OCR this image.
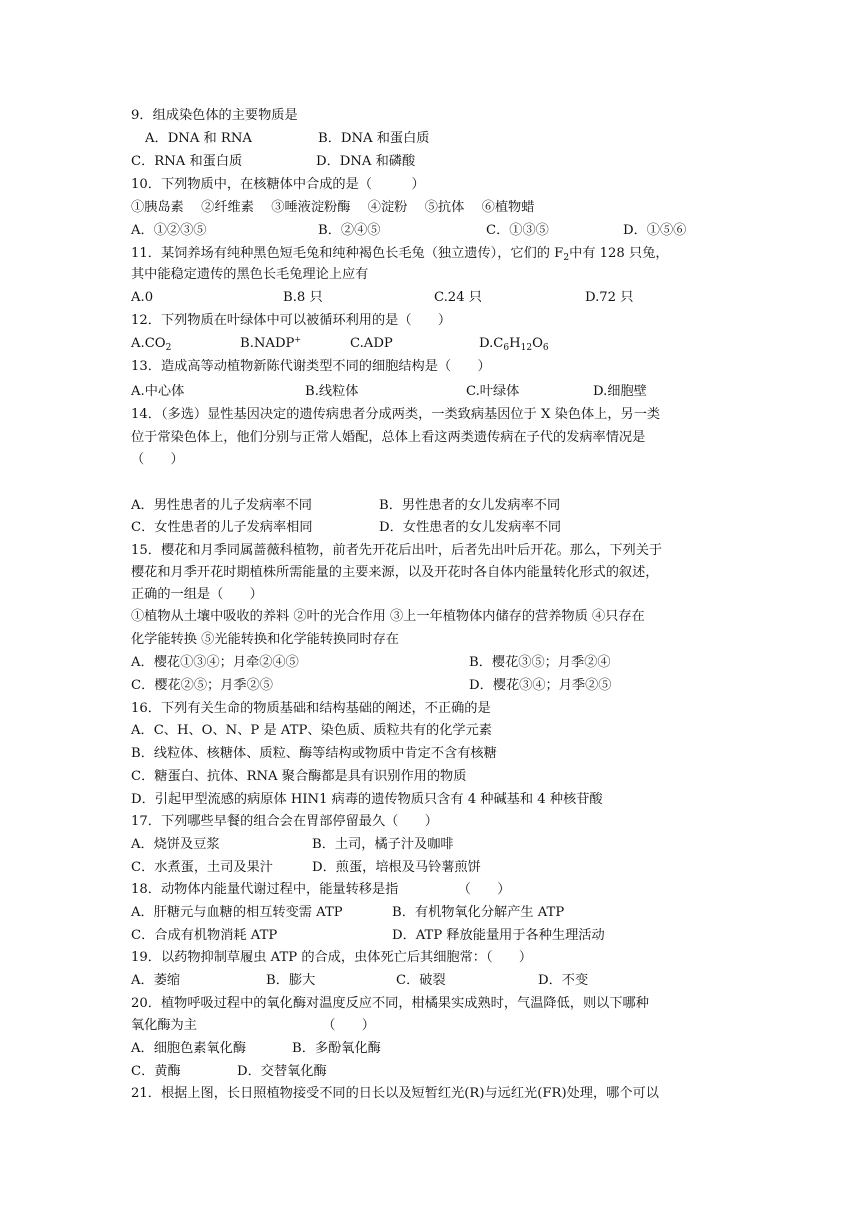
9．组成染色体的主要物质是
A．DNA 和 RNA	B．DNA 和蛋白质
C．RNA 和蛋白质	D．DNA 和磷酸
10．下列物质中，在核糖体中合成的是（　　　）
①胰岛素　 ②纤维素　 ③唾液淀粉酶　 ④淀粉　 ⑤抗体　 ⑥植物蜡
A．①②③⑤	B．②④⑤	C．①③⑤	D．①⑤⑥
11．某饲养场有纯种黑色短毛兔和纯种褐色长毛兔（独立遗传），它们的 $F_2$中有 128 只兔，
其中能稳定遗传的黑色长毛兔理论上应有
A.0	B.8 只	C.24 只	D.72 只
12．下列物质在叶绿体中可以被循环利用的是（　　）
$A.CO_2$	B.NADP+	C.ADP	$D.C_6H_{12}O_6$
13．造成高等动植物新陈代谢类型不同的细胞结构是（　　）
A.中心体	B.线粒体	C.叶绿体	D.细胞壁
14．（多选）显性基因决定的遗传病患者分成两类，一类致病基因位于 X 染色体上，另一类
位于常染色体上，他们分别与正常人婚配，总体上看这两类遗传病在子代的发病率情况是
（　　）
A．男性患者的儿子发病率不同	B．男性患者的女儿发病率不同
C．女性患者的儿子发病率相同	D．女性患者的女儿发病率不同
15．樱花和月季同属蔷薇科植物，前者先开花后出叶，后者先出叶后开花。那么，下列关于
樱花和月季开花时期植株所需能量的主要来源，以及开花时各自体内能量转化形式的叙述，
正确的一组是（　　）
①植物从土壤中吸收的养料 ②叶的光合作用 ③上一年植物体内储存的营养物质 ④只存在
化学能转换 ⑤光能转换和化学能转换同时存在
A．樱花①③④；月牵②④⑤	B．樱花③⑤；月季②④
C．樱花②⑤；月季②⑤	D．樱花③④；月季②⑤
16．下列有关生命的物质基础和结构基础的阐述，不正确的是
A．C、H、O、N、P 是 ATP、染色质、质粒共有的化学元素
B．线粒体、核糖体、质粒、酶等结构或物质中肯定不含有核糖
C．糖蛋白、抗体、RNA 聚合酶都是具有识别作用的物质
D．引起甲型流感的病原体 HIN1 病毒的遗传物质只含有 4 种碱基和 4 种核苷酸
17．下列哪些早餐的组合会在胃部停留最久（　　）
A．烧饼及豆浆	B．土司，橘子汁及咖啡
C．水煮蛋，土司及果汁	D．煎蛋，培根及马铃薯煎饼
18．动物体内能量代谢过程中，能量转移是指　　　　　（　　）
A．肝糖元与血糖的相互转变需 ATP	B．有机物氧化分解产生 ATP
C．合成有机物消耗 ATP	D．ATP 释放能量用于各种生理活动
19．以药物抑制草履虫 ATP 的合成，虫体死亡后其细胞常：（　　）
A．萎缩	B．膨大	C．破裂	D．不变
20．植物呼吸过程中的氧化酶对温度反应不同，柑橘果实成熟时，气温降低，则以下哪种
氧化酶为主　　　　　　　　　　（　　）
A．细胞色素氧化酶	B．多酚氧化酶
C．黄酶	D．交替氧化酶
21．根据上图，长日照植物接受不同的日长以及短暂红光(R)与远红光(FR)处理，哪个可以
